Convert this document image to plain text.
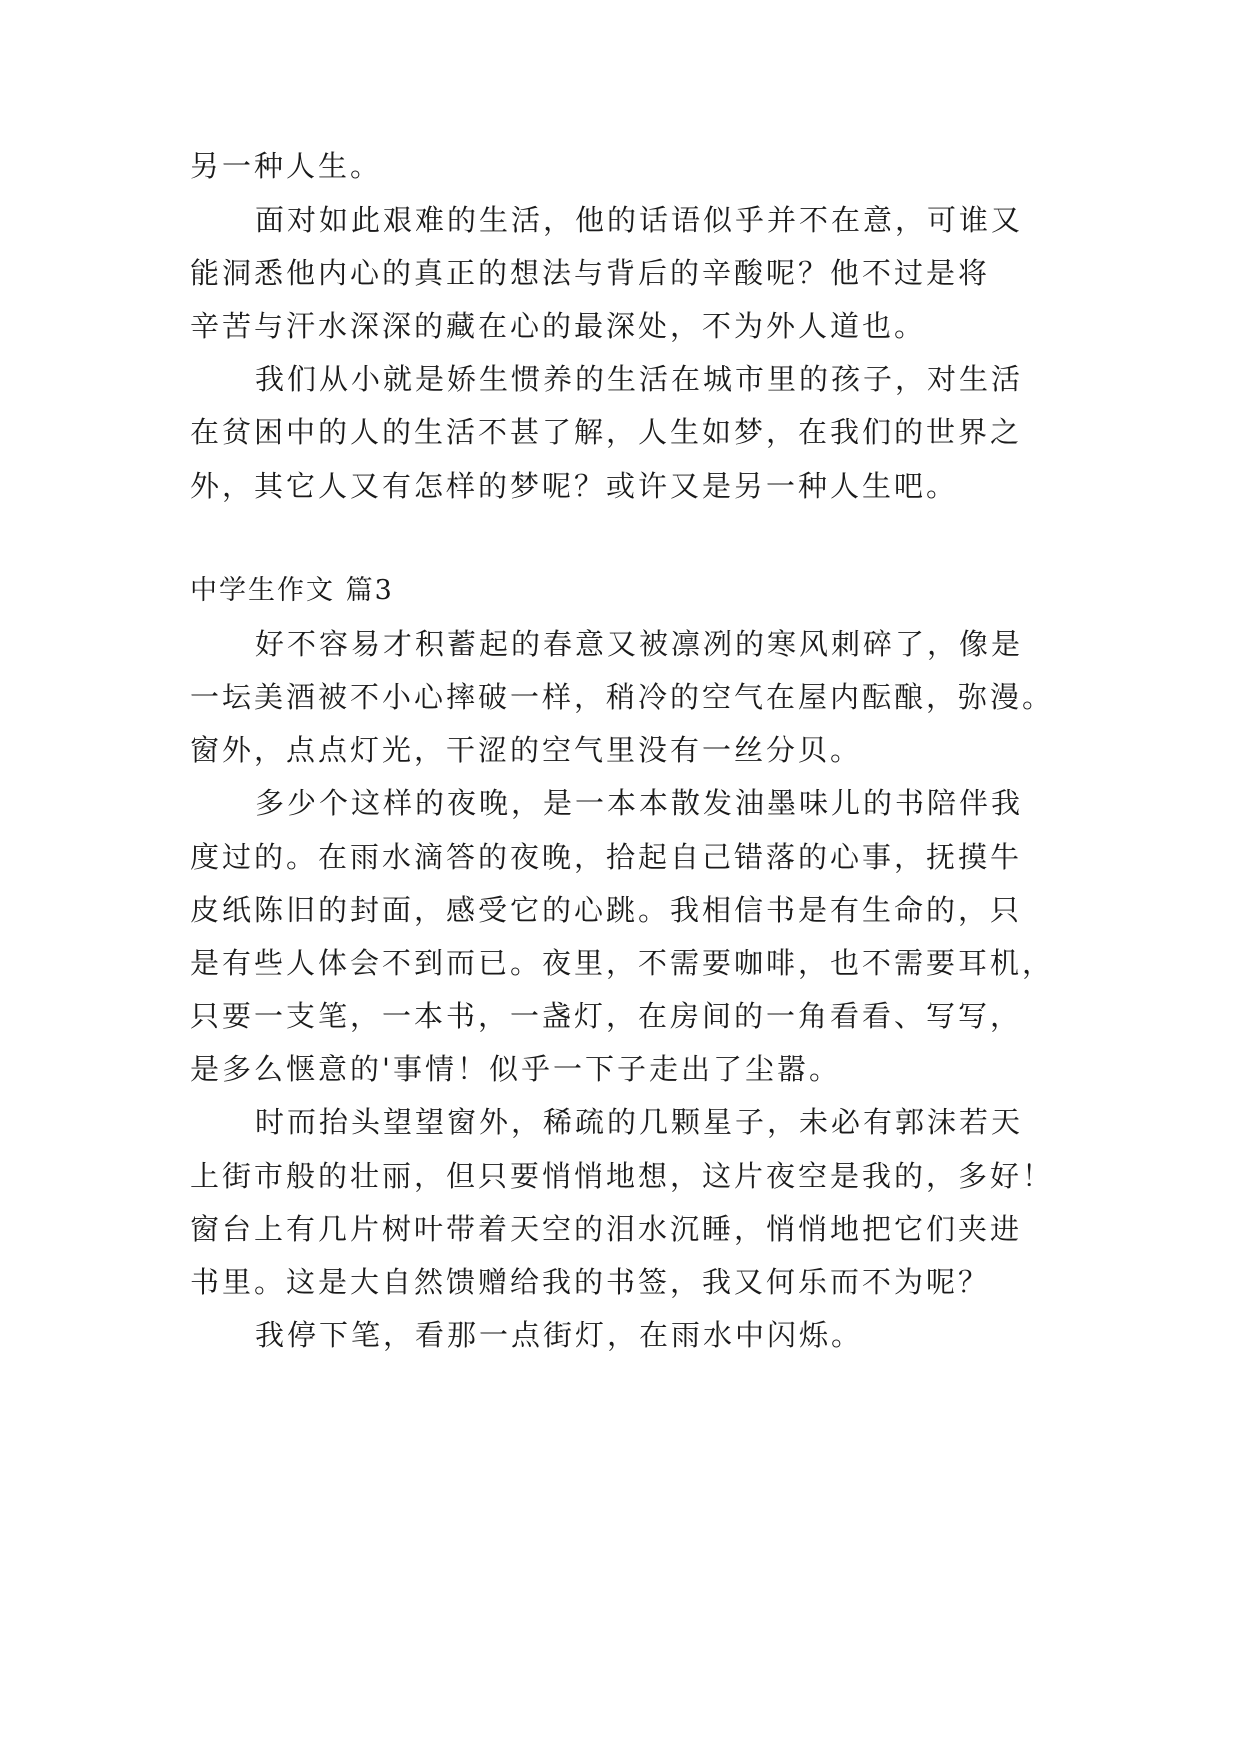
另一种人生。
面对如此艰难的生活，他的话语似乎并不在意，可谁又
能洞悉他内心的真正的想法与背后的辛酸呢？他不过是将
辛苦与汗水深深的藏在心的最深处，不为外人道也。
我们从小就是娇生惯养的生活在城市里的孩子，对生活
在贫困中的人的生活不甚了解，人生如梦，在我们的世界之
外，其它人又有怎样的梦呢？或许又是另一种人生吧。
中学生作文 篇3
好不容易才积蓄起的春意又被凛冽的寒风刺碎了，像是
一坛美酒被不小心摔破一样，稍冷的空气在屋内酝酿，弥漫。
窗外，点点灯光，干涩的空气里没有一丝分贝。
多少个这样的夜晚，是一本本散发油墨味儿的书陪伴我
度过的。在雨水滴答的夜晚，拾起自己错落的心事，抚摸牛
皮纸陈旧的封面，感受它的心跳。我相信书是有生命的，只
是有些人体会不到而已。夜里，不需要咖啡，也不需要耳机，
只要一支笔，一本书，一盏灯，在房间的一角看看、写写，
是多么惬意的'事情！似乎一下子走出了尘嚣。
时而抬头望望窗外，稀疏的几颗星子，未必有郭沫若天
上街市般的壮丽，但只要悄悄地想，这片夜空是我的，多好！
窗台上有几片树叶带着天空的泪水沉睡，悄悄地把它们夹进
书里。这是大自然馈赠给我的书签，我又何乐而不为呢？
我停下笔，看那一点街灯，在雨水中闪烁。
